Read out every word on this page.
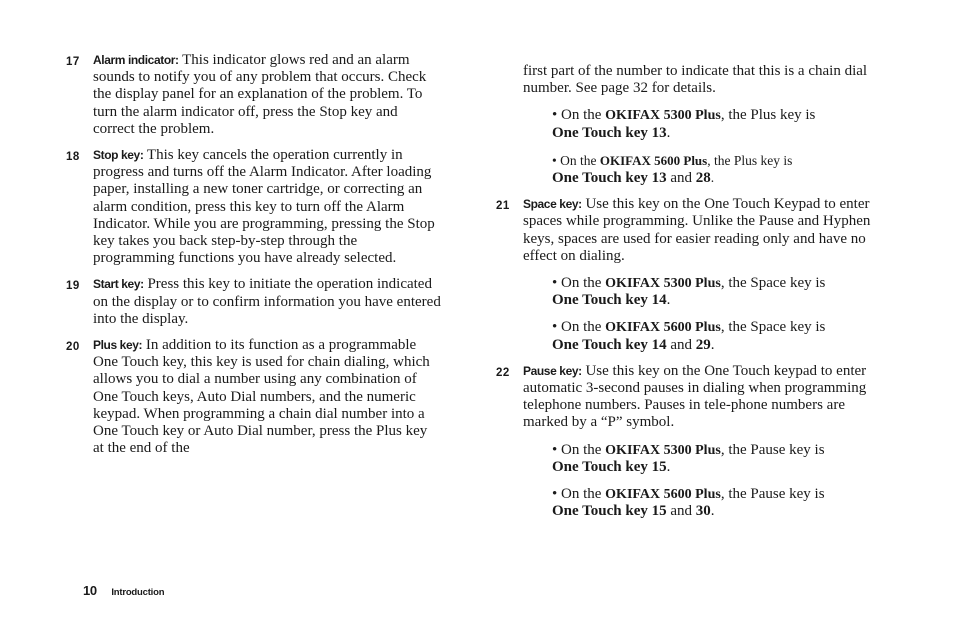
17 Alarm indicator: This indicator glows red and an alarm sounds to notify you of any problem that occurs. Check the display panel for an explanation of the problem. To turn the alarm indicator off, press the Stop key and correct the problem.
18 Stop key: This key cancels the operation currently in progress and turns off the Alarm Indicator. After loading paper, installing a new toner cartridge, or correcting an alarm condition, press this key to turn off the Alarm Indicator. While you are programming, pressing the Stop key takes you back step-by-step through the programming functions you have already selected.
19 Start key: Press this key to initiate the operation indicated on the display or to confirm information you have entered into the display.
20 Plus key: In addition to its function as a programmable One Touch key, this key is used for chain dialing, which allows you to dial a number using any combination of One Touch keys, Auto Dial numbers, and the numeric keypad. When programming a chain dial number into a One Touch key or Auto Dial number, press the Plus key at the end of the
first part of the number to indicate that this is a chain dial number. See page 32 for details.
• On the OKIFAX 5300 Plus, the Plus key is
One Touch key 13.
• On the OKIFAX 5600 Plus, the Plus key is
One Touch key 13 and 28.
21 Space key: Use this key on the One Touch Keypad to enter spaces while programming. Unlike the Pause and Hyphen keys, spaces are used for easier reading only and have no effect on dialing.
• On the OKIFAX 5300 Plus, the Space key is
One Touch key 14.
• On the OKIFAX 5600 Plus, the Space key is
One Touch key 14 and 29.
22 Pause key: Use this key on the One Touch keypad to enter automatic 3-second pauses in dialing when programming telephone numbers. Pauses in tele-phone numbers are marked by a “P” symbol.
• On the OKIFAX 5300 Plus, the Pause key is
One Touch key 15.
• On the OKIFAX 5600 Plus, the Pause key is
One Touch key 15 and 30.
10 Introduction
